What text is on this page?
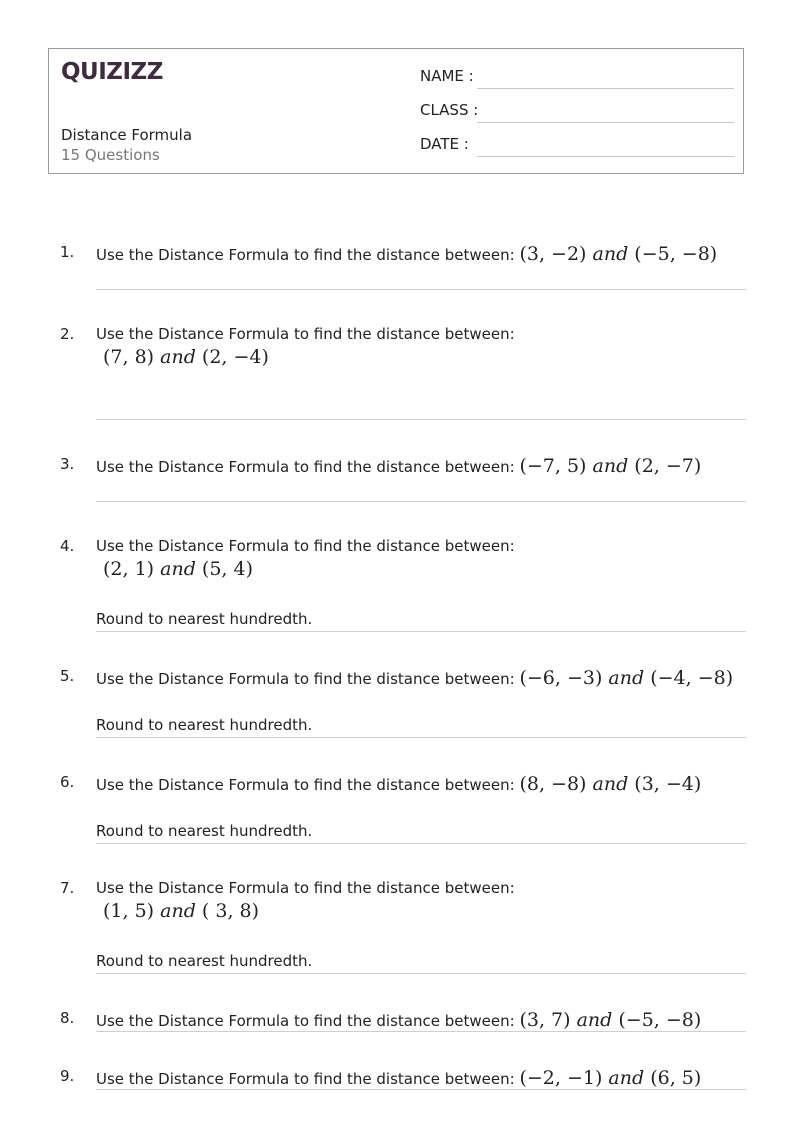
QUIZIZZ
Distance Formula
15 Questions
NAME :
CLASS :
DATE :
1. Use the Distance Formula to find the distance between: (3, −2) and (−5, −8)
2. Use the Distance Formula to find the distance between:
(7, 8) and (2, −4)
3. Use the Distance Formula to find the distance between: (−7, 5) and (2, −7)
4. Use the Distance Formula to find the distance between:
(2, 1) and (5, 4)
Round to nearest hundredth.
5. Use the Distance Formula to find the distance between: (−6, −3) and (−4, −8)
Round to nearest hundredth.
6. Use the Distance Formula to find the distance between: (8, −8) and (3, −4)
Round to nearest hundredth.
7. Use the Distance Formula to find the distance between:
(1, 5) and ( 3, 8)
Round to nearest hundredth.
8. Use the Distance Formula to find the distance between: (3, 7) and (−5, −8)
9. Use the Distance Formula to find the distance between: (−2, −1) and (6, 5)
